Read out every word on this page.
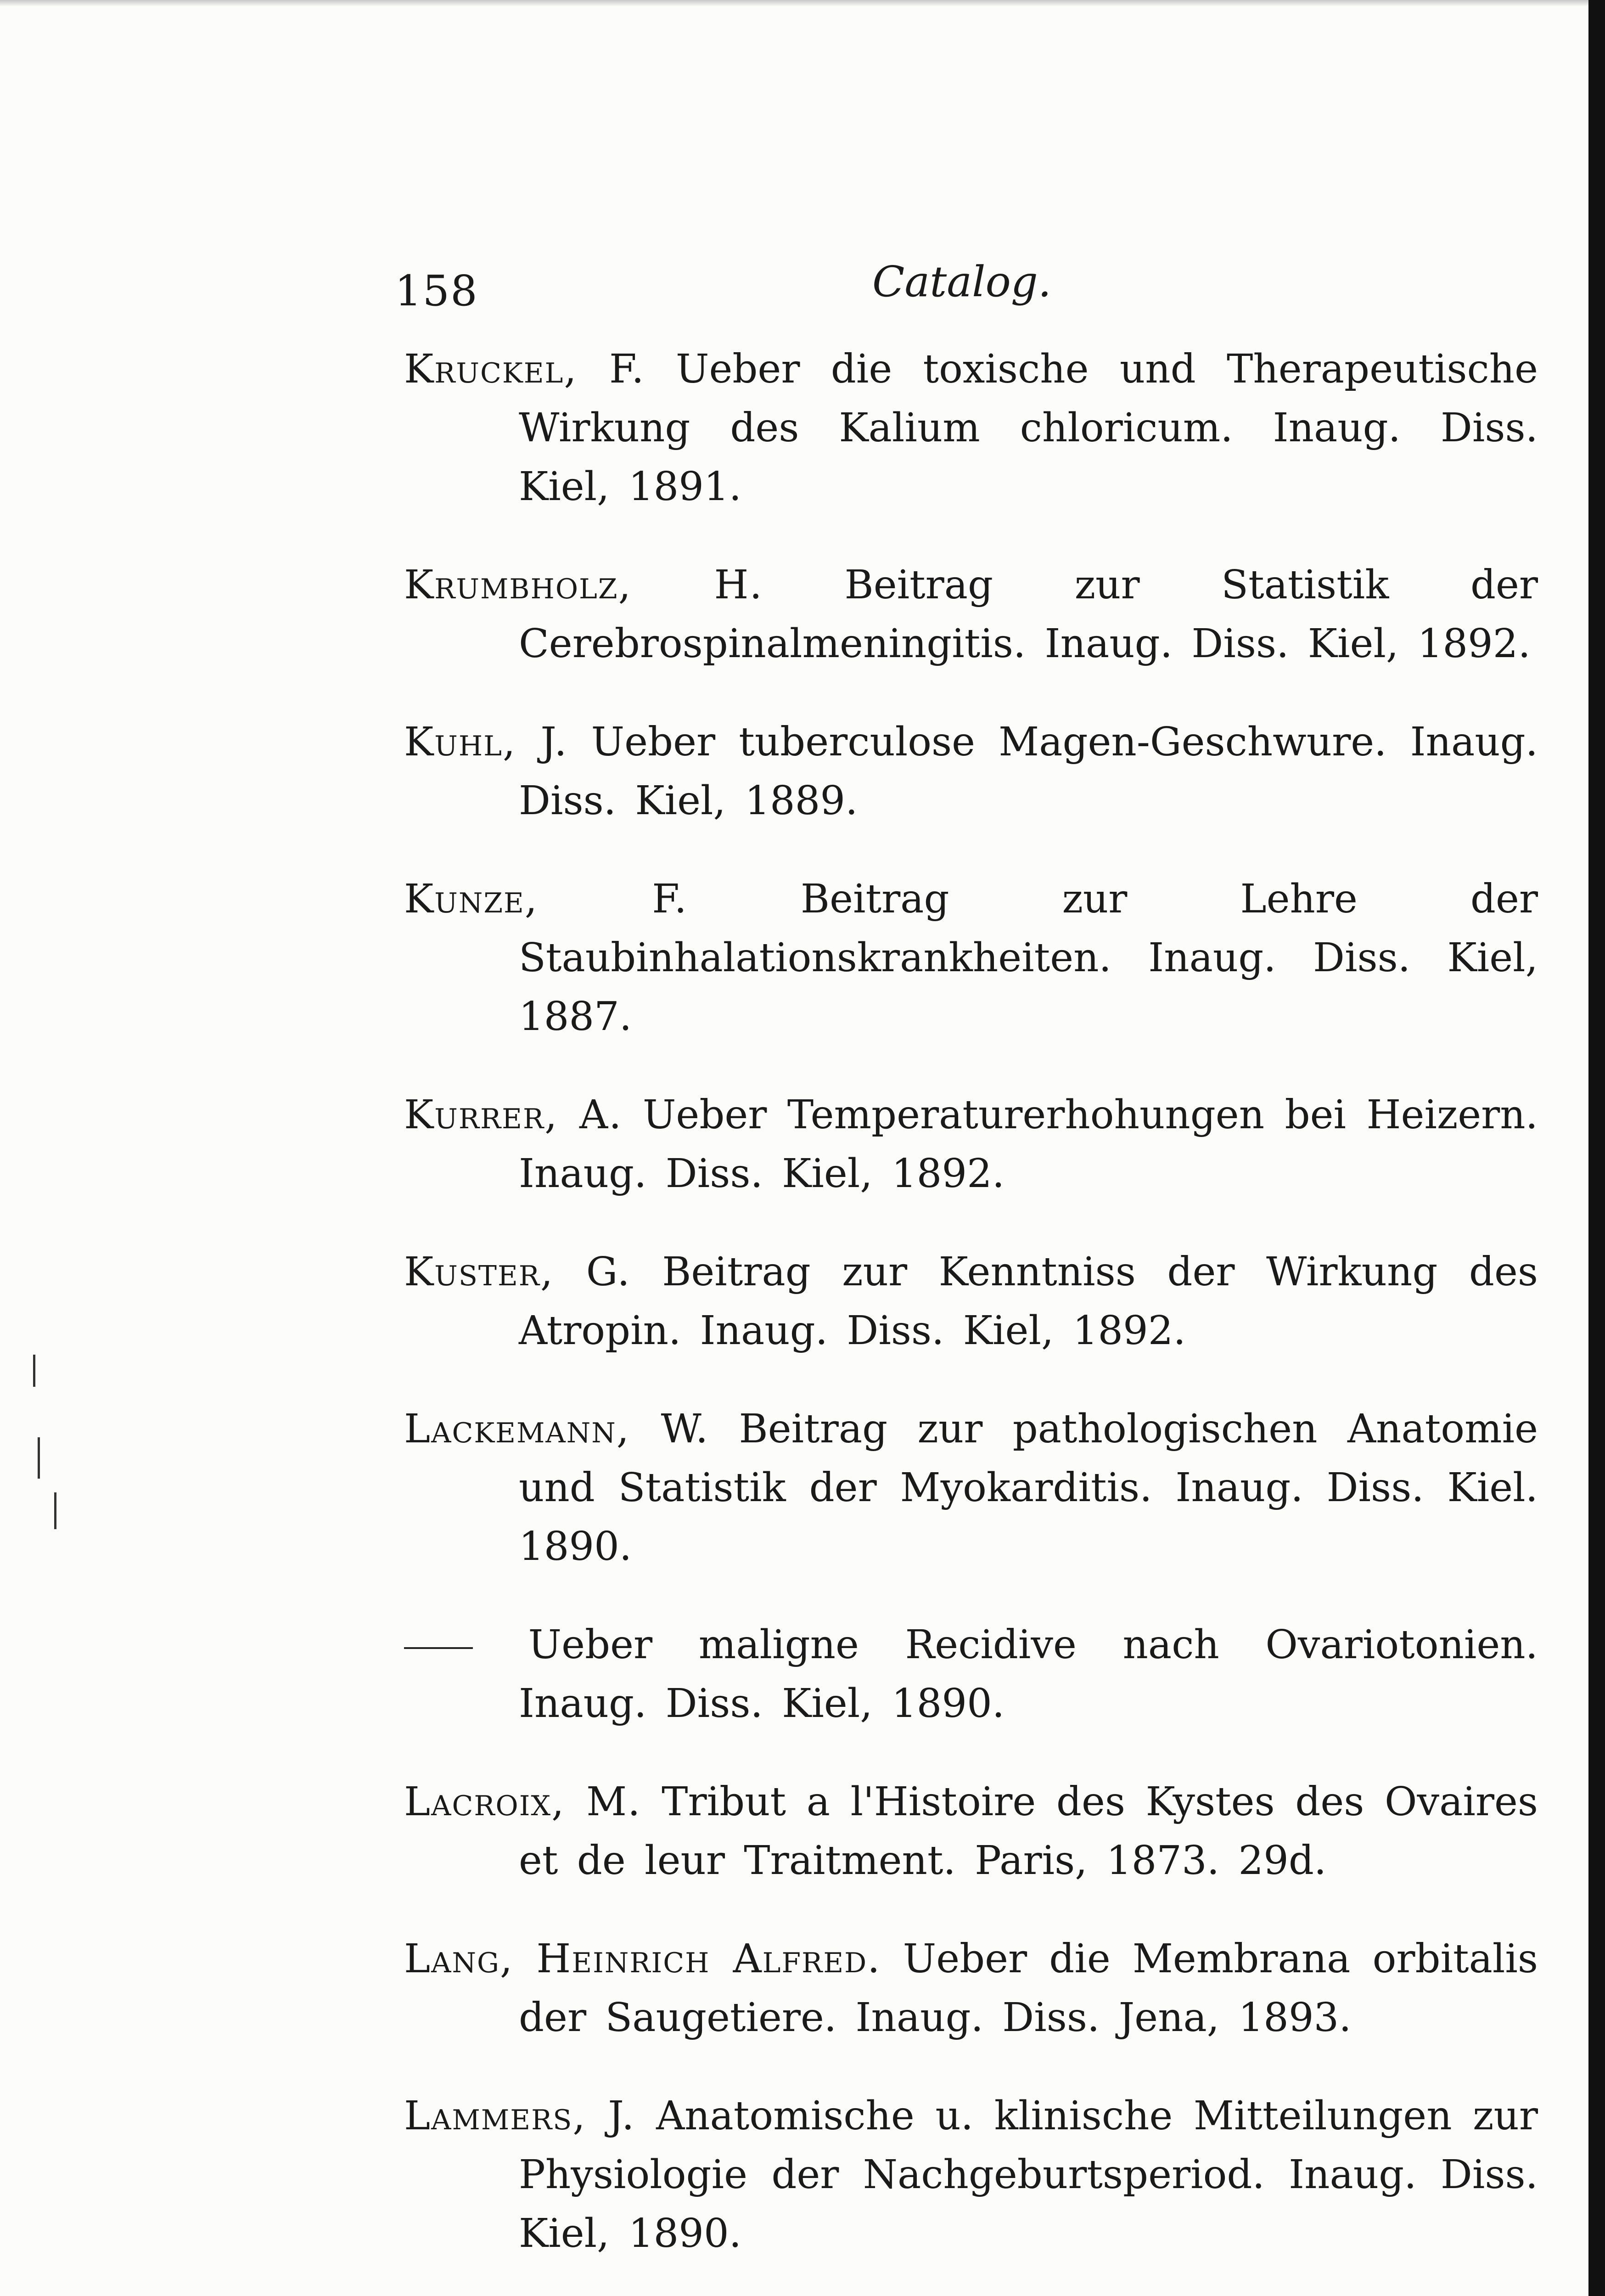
158	Catalog.

Kruckel, F. Ueber die toxische und Therapeutische Wirkung des Kalium chloricum. Inaug. Diss. Kiel, 1891.

Krumbholz, H. Beitrag zur Statistik der Cerebrospinalmeningitis. Inaug. Diss. Kiel, 1892.

Kuhl, J. Ueber tuberculose Magen-Geschwure. Inaug. Diss. Kiel, 1889.

Kunze, F.	Beitrag zur Lehre der Staubinhalationskrankheiten. Inaug. Diss. Kiel, 1887.

Kurrer, A. Ueber Temperaturerhohungen bei Heizern. Inaug. Diss. Kiel, 1892.

Kuster, G. Beitrag zur Kenntniss der Wirkung des Atropin. Inaug. Diss. Kiel, 1892.

Lackemann, W. Beitrag zur pathologischen Anatomie und Statistik der Myokarditis. Inaug. Diss. Kiel. 1890.

Ueber maligne Recidive nach Ovariotonien. Inaug. Diss. Kiel, 1890.

Lacroix, M. Tribut a l'Histoire des Kystes des Ovaires et de leur Traitment. Paris, 1873. 29d.

Lang, Heinrich Alfred. Ueber die Membrana orbitalis der Saugetiere. Inaug. Diss. Jena, 1893.

Lammers, J. Anatomische u. klinische Mitteilungen zur Physiologie der Nachgeburtsperiod. Inaug. Diss. Kiel, 1890.
